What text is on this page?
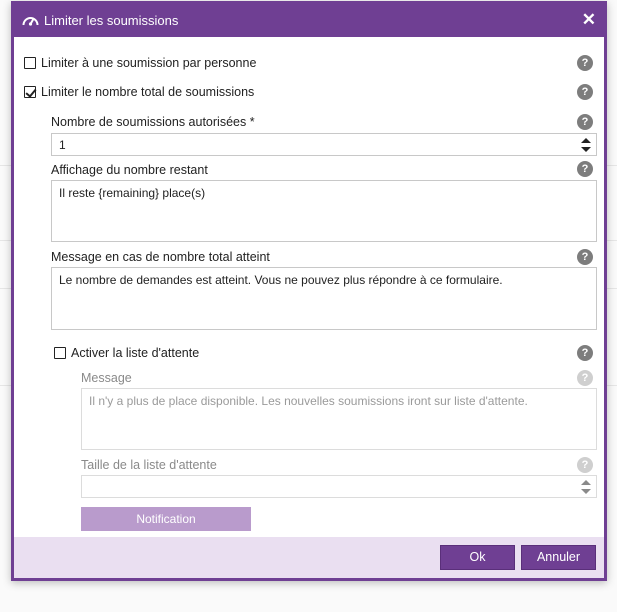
Limiter les soumissions	✕
Limiter à une soumission par personne	?
Limiter le nombre total de soumissions	?
Nombre de soumissions autorisées *	?
1
Affichage du nombre restant	?
Il reste {remaining} place(s)
Message en cas de nombre total atteint	?
Le nombre de demandes est atteint. Vous ne pouvez plus répondre à ce formulaire.
Activer la liste d'attente	?
Message	?
Il n'y a plus de place disponible. Les nouvelles soumissions iront sur liste d'attente.
Taille de la liste d'attente	?
Notification
Ok	Annuler
